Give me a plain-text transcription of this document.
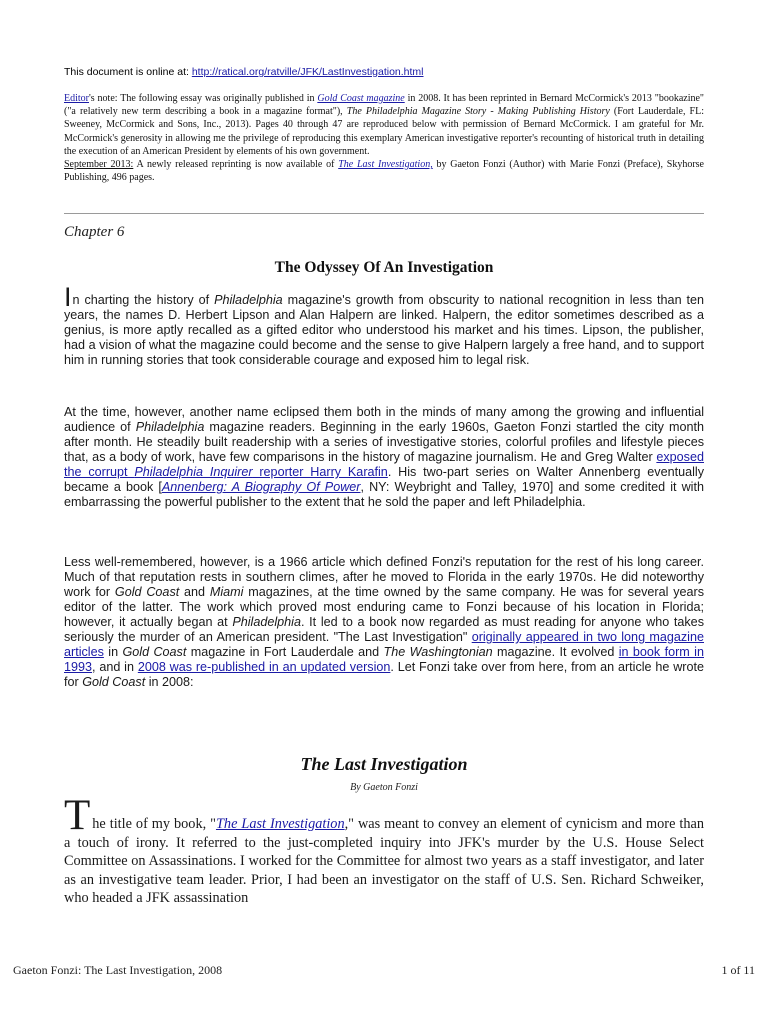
This document is online at: http://ratical.org/ratville/JFK/LastInvestigation.html

Editor's note: The following essay was originally published in Gold Coast magazine in 2008. It has been reprinted in Bernard McCormick's 2013 "bookazine" ("a relatively new term describing a book in a magazine format"), The Philadelphia Magazine Story - Making Publishing History (Fort Lauderdale, FL: Sweeney, McCormick and Sons, Inc., 2013). Pages 40 through 47 are reproduced below with permission of Bernard McCormick. I am grateful for Mr. McCormick's generosity in allowing me the privilege of reproducing this exemplary American investigative reporter's recounting of historical truth in detailing the execution of an American President by elements of his own government.

September 2013: A newly released reprinting is now available of The Last Investigation, by Gaeton Fonzi (Author) with Marie Fonzi (Preface), Skyhorse Publishing, 496 pages.

Chapter 6
The Odyssey Of An Investigation

In charting the history of Philadelphia magazine's growth from obscurity to national recognition in less than ten years, the names D. Herbert Lipson and Alan Halpern are linked. Halpern, the editor sometimes described as a genius, is more aptly recalled as a gifted editor who understood his market and his times. Lipson, the publisher, had a vision of what the magazine could become and the sense to give Halpern largely a free hand, and to support him in running stories that took considerable courage and exposed him to legal risk.

At the time, however, another name eclipsed them both in the minds of many among the growing and influential audience of Philadelphia magazine readers. Beginning in the early 1960s, Gaeton Fonzi startled the city month after month. He steadily built readership with a series of investigative stories, colorful profiles and lifestyle pieces that, as a body of work, have few comparisons in the history of magazine journalism. He and Greg Walter exposed the corrupt Philadelphia Inquirer reporter Harry Karafin. His two-part series on Walter Annenberg eventually became a book [Annenberg: A Biography Of Power, NY: Weybright and Talley, 1970] and some credited it with embarrassing the powerful publisher to the extent that he sold the paper and left Philadelphia.

Less well-remembered, however, is a 1966 article which defined Fonzi's reputation for the rest of his long career. Much of that reputation rests in southern climes, after he moved to Florida in the early 1970s. He did noteworthy work for Gold Coast and Miami magazines, at the time owned by the same company. He was for several years editor of the latter. The work which proved most enduring came to Fonzi because of his location in Florida; however, it actually began at Philadelphia. It led to a book now regarded as must reading for anyone who takes seriously the murder of an American president. "The Last Investigation" originally appeared in two long magazine articles in Gold Coast magazine in Fort Lauderdale and The Washingtonian magazine. It evolved in book form in 1993, and in 2008 was re-published in an updated version. Let Fonzi take over from here, from an article he wrote for Gold Coast in 2008:

The Last Investigation
By Gaeton Fonzi

The title of my book, "The Last Investigation," was meant to convey an element of cynicism and more than a touch of irony. It referred to the just-completed inquiry into JFK's murder by the U.S. House Select Committee on Assassinations. I worked for the Committee for almost two years as a staff investigator, and later as an investigative team leader. Prior, I had been an investigator on the staff of U.S. Sen. Richard Schweiker, who headed a JFK assassination

Gaeton Fonzi: The Last Investigation, 2008	1 of 11
